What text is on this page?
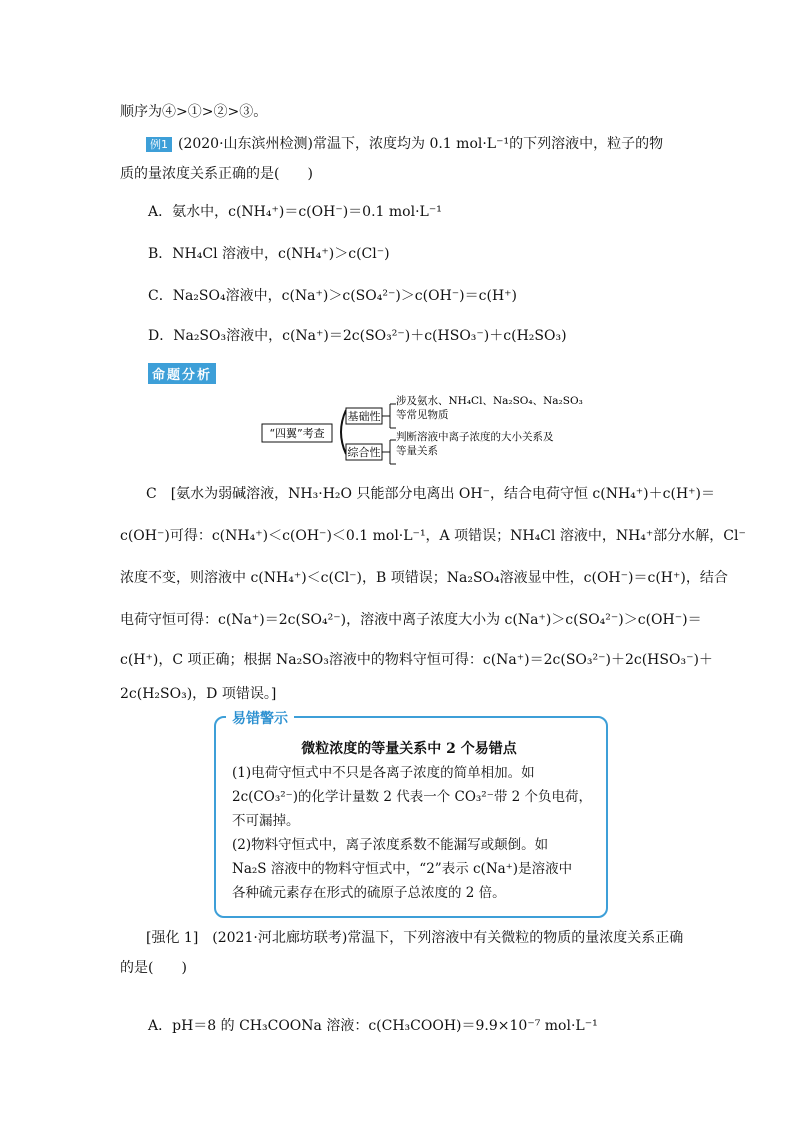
顺序为④>①>②>③。
例1 (2020·山东滨州检测)常温下，浓度均为 0.1 mol·L⁻¹的下列溶液中，粒子的物
质的量浓度关系正确的是(　　)
A．氨水中，c(NH₄⁺)＝c(OH⁻)＝0.1 mol·L⁻¹
B．NH₄Cl 溶液中，c(NH₄⁺)＞c(Cl⁻)
C．Na₂SO₄溶液中，c(Na⁺)＞c(SO₄²⁻)＞c(OH⁻)＝c(H⁺)
D．Na₂SO₃溶液中，c(Na⁺)＝2c(SO₃²⁻)＋c(HSO₃⁻)＋c(H₂SO₃)
命题分析
“四翼”考查
基础性
综合性
涉及氨水、NH₄Cl、Na₂SO₄、Na₂SO₃
等常见物质
判断溶液中离子浓度的大小关系及
等量关系
C　[氨水为弱碱溶液，NH₃·H₂O 只能部分电离出 OH⁻，结合电荷守恒 c(NH₄⁺)＋c(H⁺)＝
c(OH⁻)可得：c(NH₄⁺)＜c(OH⁻)＜0.1 mol·L⁻¹，A 项错误；NH₄Cl 溶液中，NH₄⁺部分水解，Cl⁻
浓度不变，则溶液中 c(NH₄⁺)＜c(Cl⁻)，B 项错误；Na₂SO₄溶液显中性，c(OH⁻)＝c(H⁺)，结合
电荷守恒可得：c(Na⁺)＝2c(SO₄²⁻)，溶液中离子浓度大小为 c(Na⁺)＞c(SO₄²⁻)＞c(OH⁻)＝
c(H⁺)，C 项正确；根据 Na₂SO₃溶液中的物料守恒可得：c(Na⁺)＝2c(SO₃²⁻)＋2c(HSO₃⁻)＋
2c(H₂SO₃)，D 项错误。]
易错警示
微粒浓度的等量关系中 2 个易错点
(1)电荷守恒式中不只是各离子浓度的简单相加。如
2c(CO₃²⁻)的化学计量数 2 代表一个 CO₃²⁻带 2 个负电荷，
不可漏掉。
(2)物料守恒式中，离子浓度系数不能漏写或颠倒。如
Na₂S 溶液中的物料守恒式中，“2”表示 c(Na⁺)是溶液中
各种硫元素存在形式的硫原子总浓度的 2 倍。
[强化 1]　(2021·河北廊坊联考)常温下，下列溶液中有关微粒的物质的量浓度关系正确
的是(　　)
A．pH＝8 的 CH₃COONa 溶液：c(CH₃COOH)＝9.9×10⁻⁷ mol·L⁻¹
